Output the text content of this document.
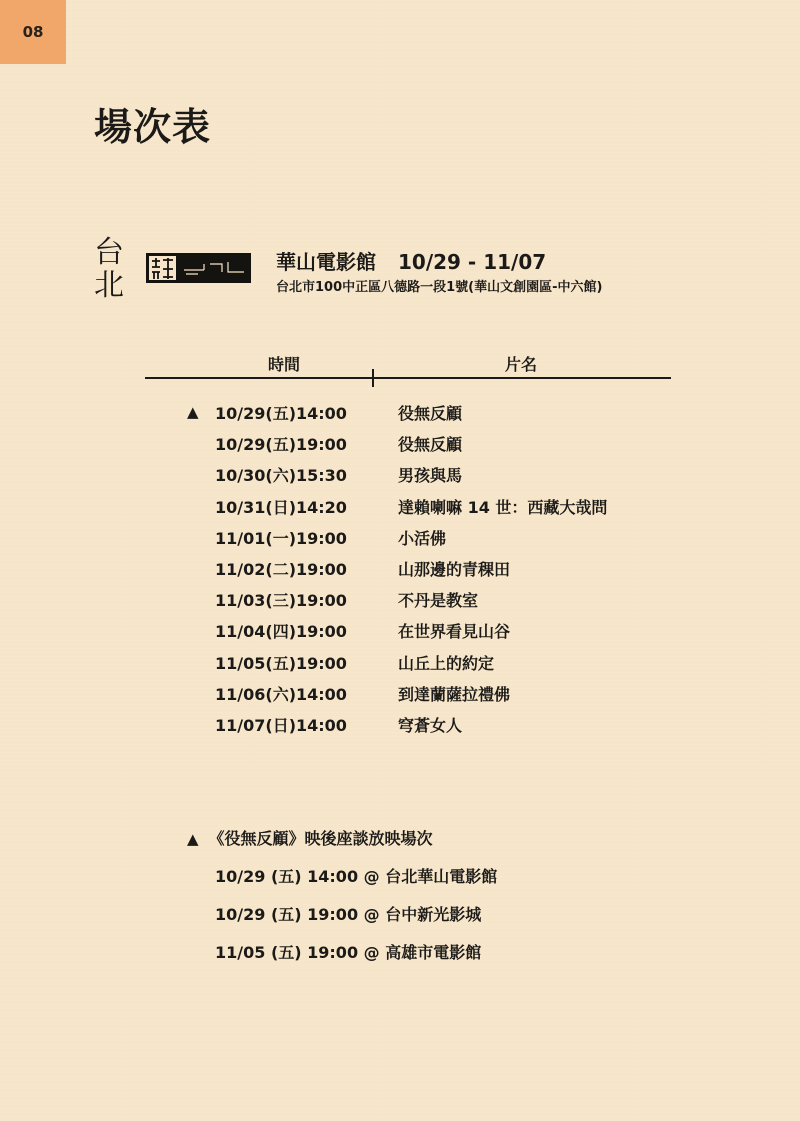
08
場次表
台
北
華山電影館 10/29 - 11/07
台北市100中正區八德路一段1號(華山文創園區-中六館)
時間	片名
▲ 10/29(五)14:00	役無反顧
10/29(五)19:00	役無反顧
10/30(六)15:30	男孩與馬
10/31(日)14:20	達賴喇嘛 14 世：西藏大哉問
11/01(一)19:00	小活佛
11/02(二)19:00	山那邊的青稞田
11/03(三)19:00	不丹是教室
11/04(四)19:00	在世界看見山谷
11/05(五)19:00	山丘上的約定
11/06(六)14:00	到達蘭薩拉禮佛
11/07(日)14:00	穹蒼女人
▲ 《役無反顧》映後座談放映場次
10/29 (五) 14:00 @ 台北華山電影館
10/29 (五) 19:00 @ 台中新光影城
11/05 (五) 19:00 @ 高雄市電影館
